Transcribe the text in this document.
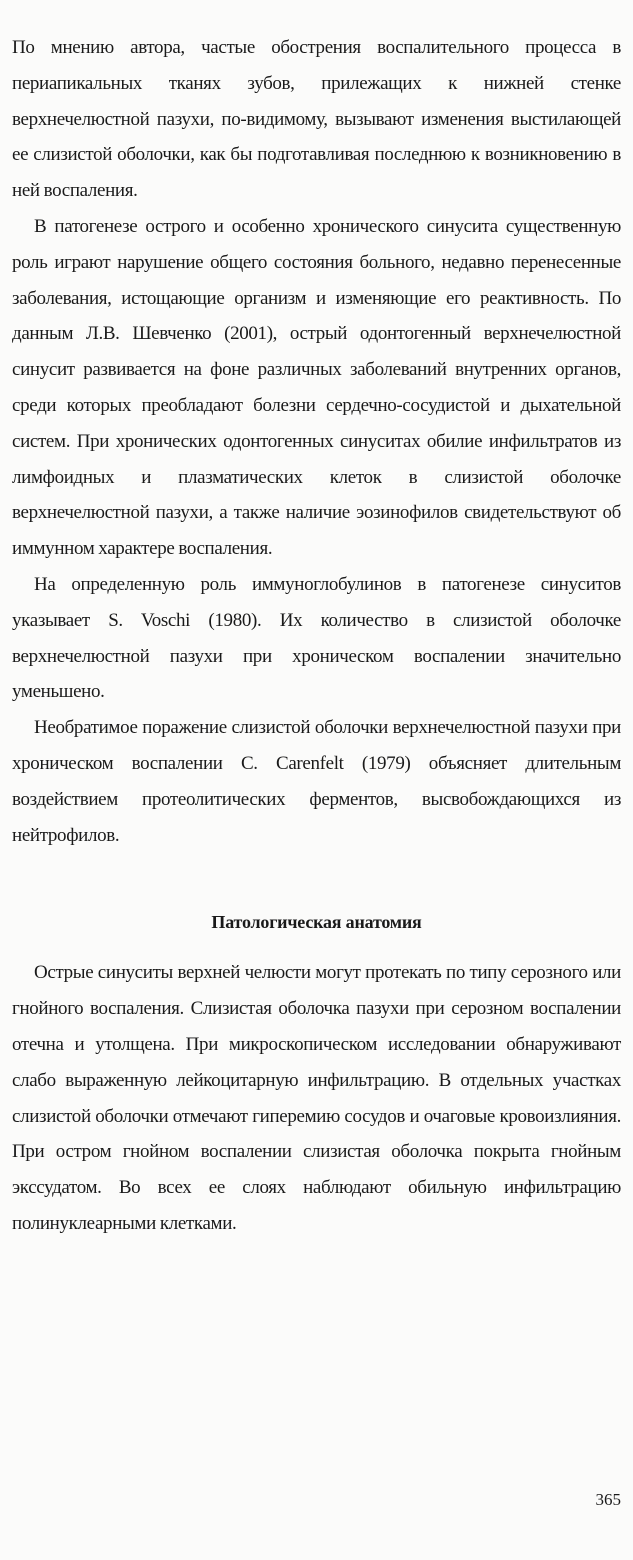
По мнению автора, частые обострения воспалительного процесса в периапикальных тканях зубов, прилежащих к нижней стенке верхнечелюстной пазухи, по-видимому, вызывают изменения выстилающей ее слизистой оболочки, как бы подготавливая последнюю к возникновению в ней воспаления.

В патогенезе острого и особенно хронического синусита существенную роль играют нарушение общего состояния больного, недавно перенесенные заболевания, истощающие организм и изменяющие его реактивность. По данным Л.В. Шевченко (2001), острый одонтогенный верхнечелюстной синусит развивается на фоне различных заболеваний внутренних органов, среди которых преобладают болезни сердечно-сосудистой и дыхательной систем. При хронических одонтогенных синуситах обилие инфильтратов из лимфоидных и плазматических клеток в слизистой оболочке верхнечелюстной пазухи, а также наличие эозинофилов свидетельствуют об иммунном характере воспаления.

На определенную роль иммуноглобулинов в патогенезе синуситов указывает S. Voschi (1980). Их количество в слизистой оболочке верхнечелюстной пазухи при хроническом воспалении значительно уменьшено.

Необратимое поражение слизистой оболочки верхнечелюстной пазухи при хроническом воспалении C. Carenfelt (1979) объясняет длительным воздействием протеолитических ферментов, высвобождающихся из нейтрофилов.

Патологическая анатомия

Острые синуситы верхней челюсти могут протекать по типу серозного или гнойного воспаления. Слизистая оболочка пазухи при серозном воспалении отечна и утолщена. При микроскопическом исследовании обнаруживают слабо выраженную лейкоцитарную инфильтрацию. В отдельных участках слизистой оболочки отмечают гиперемию сосудов и очаговые кровоизлияния. При остром гнойном воспалении слизистая оболочка покрыта гнойным экссудатом. Во всех ее слоях наблюдают обильную инфильтрацию полинуклеарными клетками.

365
